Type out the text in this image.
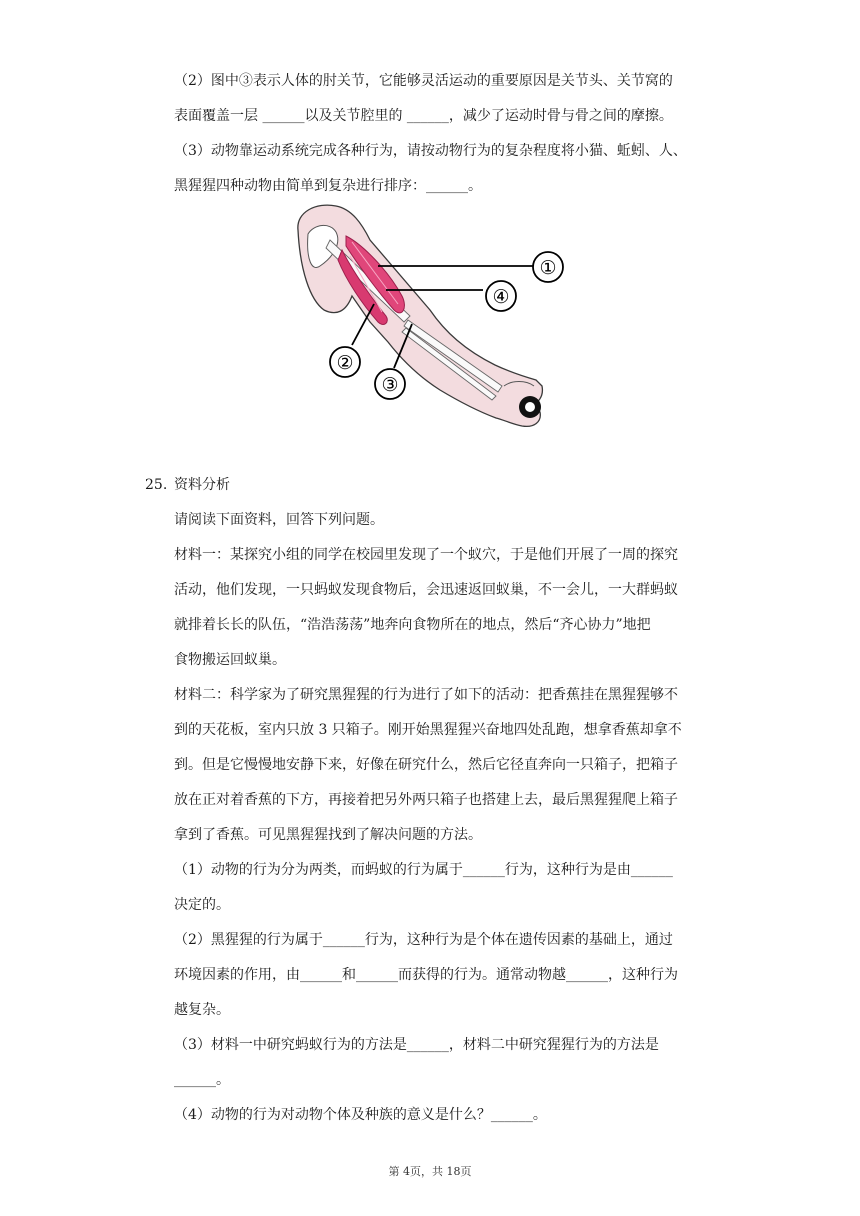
（2）图中③表示人体的肘关节，它能够灵活运动的重要原因是关节头、关节窝的
表面覆盖一层 ______以及关节腔里的 ______，减少了运动时骨与骨之间的摩擦。
（3）动物靠运动系统完成各种行为，请按动物行为的复杂程度将小猫、蚯蚓、人、
黑猩猩四种动物由简单到复杂进行排序：______。
①
④
②
③
25. 资料分析
请阅读下面资料，回答下列问题。
材料一：某探究小组的同学在校园里发现了一个蚁穴，于是他们开展了一周的探究
活动，他们发现，一只蚂蚁发现食物后，会迅速返回蚁巢，不一会儿，一大群蚂蚁
就排着长长的队伍，“浩浩荡荡”地奔向食物所在的地点，然后“齐心协力”地把
食物搬运回蚁巢。
材料二：科学家为了研究黑猩猩的行为进行了如下的活动：把香蕉挂在黑猩猩够不
到的天花板，室内只放 3 只箱子。刚开始黑猩猩兴奋地四处乱跑，想拿香蕉却拿不
到。但是它慢慢地安静下来，好像在研究什么，然后它径直奔向一只箱子，把箱子
放在正对着香蕉的下方，再接着把另外两只箱子也搭建上去，最后黑猩猩爬上箱子
拿到了香蕉。可见黑猩猩找到了解决问题的方法。
（1）动物的行为分为两类，而蚂蚁的行为属于______行为，这种行为是由______
决定的。
（2）黑猩猩的行为属于______行为，这种行为是个体在遗传因素的基础上，通过
环境因素的作用，由______和______而获得的行为。通常动物越______，这种行为
越复杂。
（3）材料一中研究蚂蚁行为的方法是______，材料二中研究猩猩行为的方法是
______。
（4）动物的行为对动物个体及种族的意义是什么？______。
第 4页，共 18页
